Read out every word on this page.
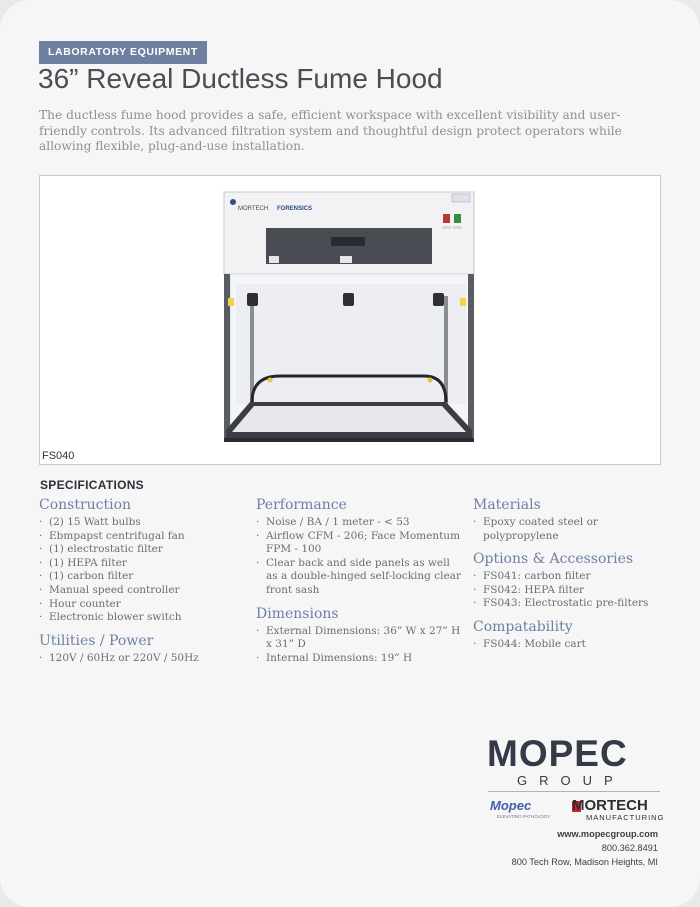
LABORATORY EQUIPMENT
36” Reveal Ductless Fume Hood
The ductless fume hood provides a safe, efficient workspace with excellent visibility and user-friendly controls. Its advanced filtration system and thoughtful design protect operators while allowing flexible, plug-and-use installation.
MORTECH FORENSICS
FS040
SPECIFICATIONS
Construction
· (2) 15 Watt bulbs
· Ebmpapst centrifugal fan
· (1) electrostatic filter
· (1) HEPA filter
· (1) carbon filter
· Manual speed controller
· Hour counter
· Electronic blower switch
Utilities / Power
· 120V / 60Hz or 220V / 50Hz
Performance
· Noise / BA / 1 meter - < 53
· Airflow CFM - 206; Face Momentum FPM - 100
· Clear back and side panels as well as a double-hinged self-locking clear front sash
Dimensions
· External Dimensions: 36” W x 27” H x 31” D
· Internal Dimensions: 19” H
Materials
· Epoxy coated steel or polypropylene
Options & Accessories
· FS041: carbon filter
· FS042: HEPA filter
· FS043: Electrostatic pre-filters
Compatability
· FS044: Mobile cart
MOPEC
GROUP
Mopec
ELEVATING PATHOLOGY
MORTECH
MANUFACTURING
www.mopecgroup.com
800.362.8491
800 Tech Row, Madison Heights, MI
